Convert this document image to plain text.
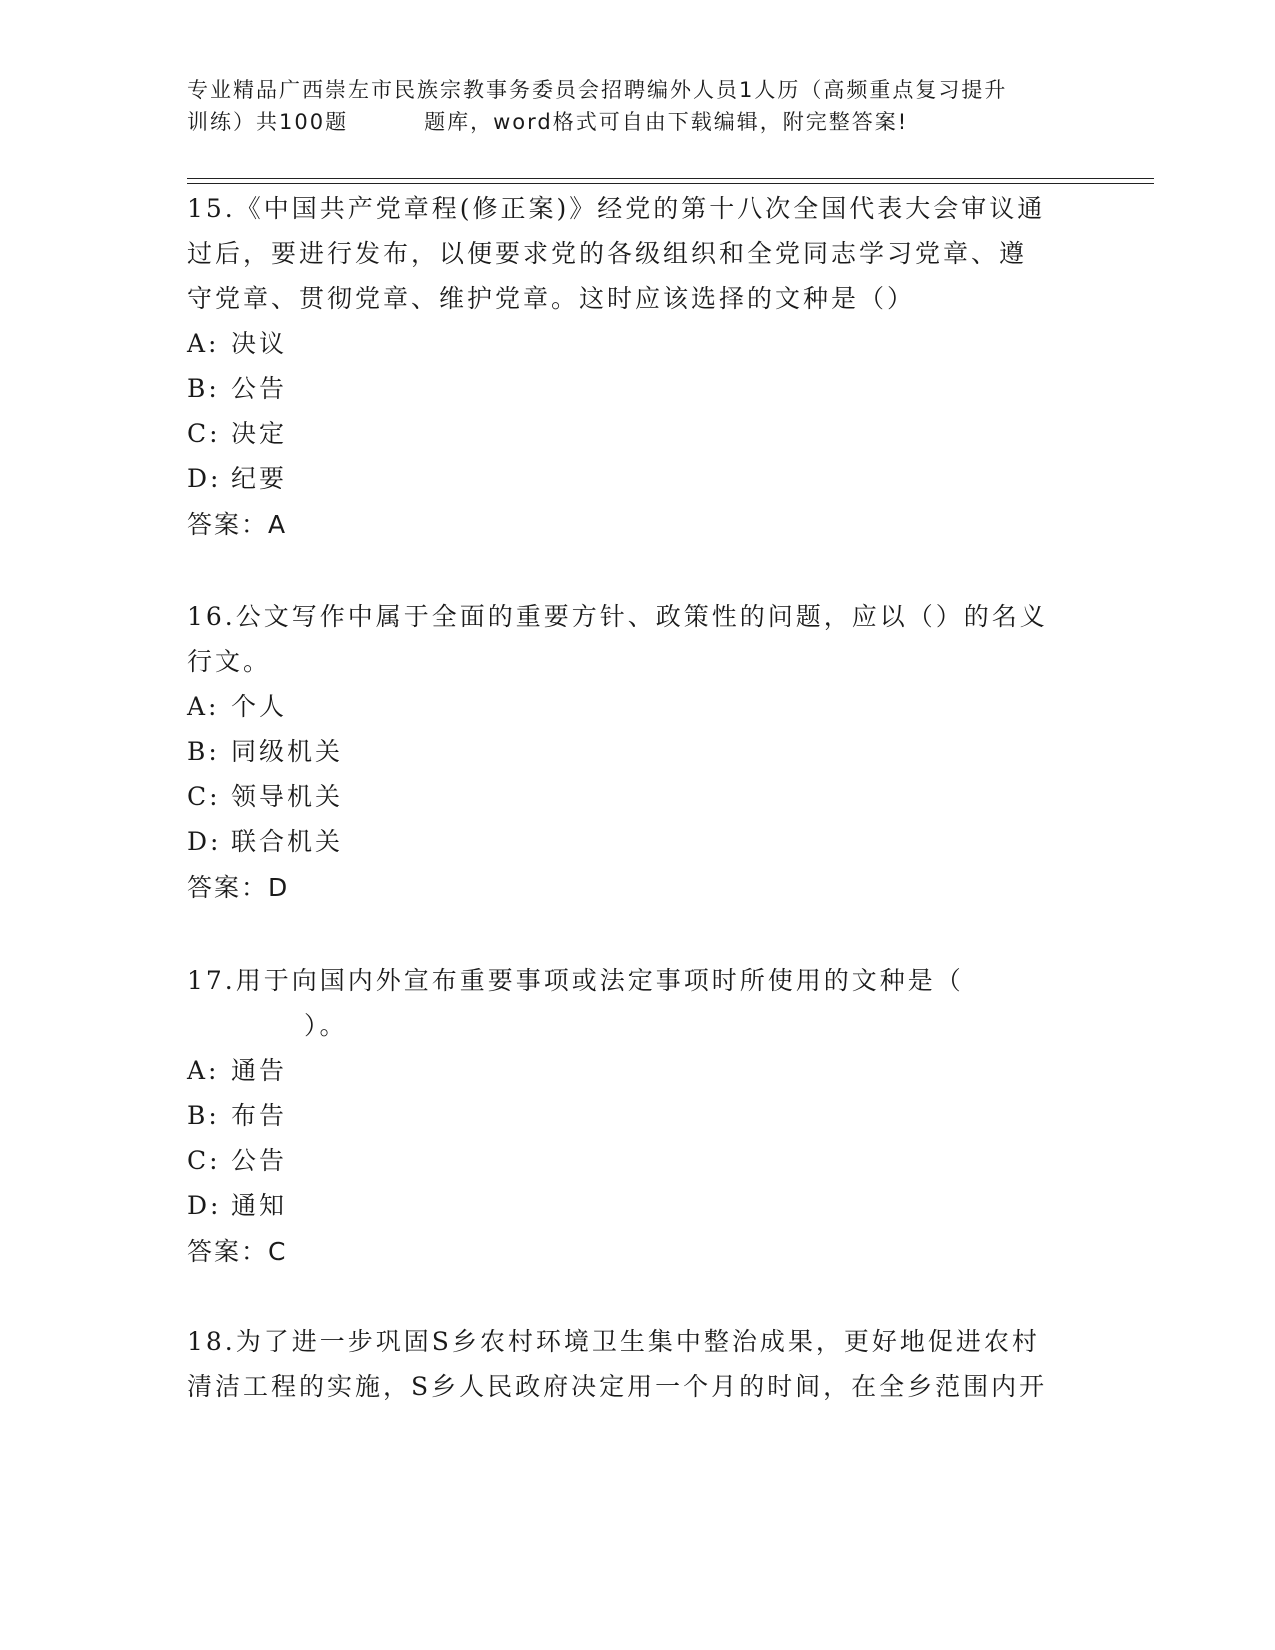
专业精品广西崇左市民族宗教事务委员会招聘编外人员1人历（高频重点复习提升
训练）共100题	题库，word格式可自由下载编辑，附完整答案!
15.《中国共产党章程(修正案)》经党的第十八次全国代表大会审议通
过后，要进行发布，以便要求党的各级组织和全党同志学习党章、遵
守党章、贯彻党章、维护党章。这时应该选择的文种是（）
A: 决议
B: 公告
C: 决定
D: 纪要
答案：A
16.公文写作中属于全面的重要方针、政策性的问题，应以（）的名义
行文。
A: 个人
B: 同级机关
C: 领导机关
D: 联合机关
答案：D
17.用于向国内外宣布重要事项或法定事项时所使用的文种是（
）。
A: 通告
B: 布告
C: 公告
D: 通知
答案：C
18.为了进一步巩固S乡农村环境卫生集中整治成果，更好地促进农村
清洁工程的实施，S乡人民政府决定用一个月的时间，在全乡范围内开
